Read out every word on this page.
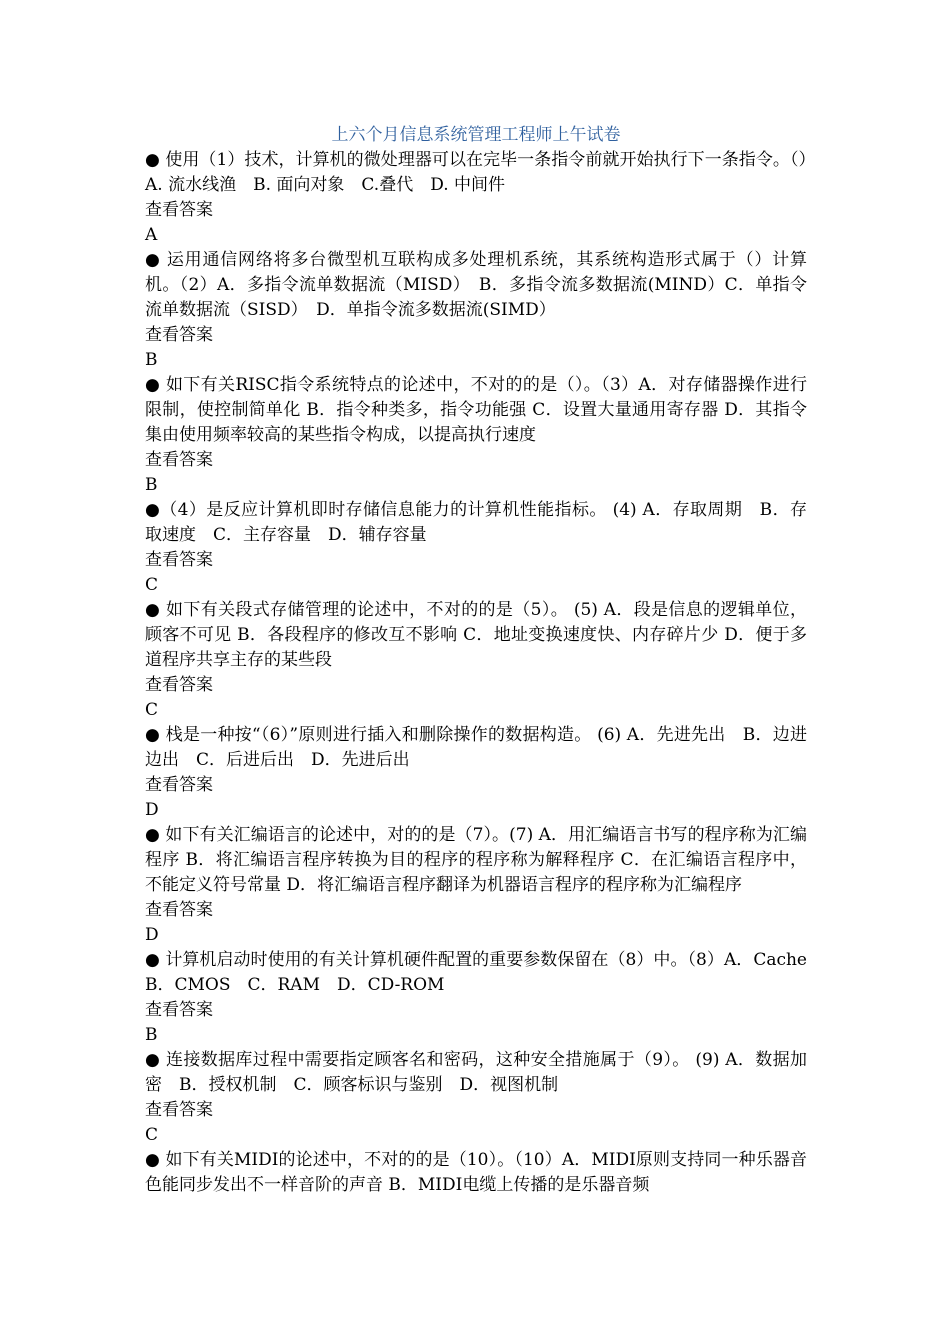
上六个月信息系统管理工程师上午试卷

● 使用（1）技术，计算机的微处理器可以在完毕一条指令前就开始执行下一条指令。（）A. 流水线渔　B. 面向对象　C.叠代　D. 中间件

查看答案

A

● 运用通信网络将多台微型机互联构成多处理机系统，其系统构造形式属于（）计算机。（2）A．多指令流单数据流（MISD）　B．多指令流多数据流(MIND）C．单指令流单数据流（SISD）　D．单指令流多数据流(SIMD）

查看答案

B

● 如下有关RISC指令系统特点的论述中，不对的的是（）。（3）A．对存储器操作进行限制，使控制简单化 B．指令种类多，指令功能强 C．设置大量通用寄存器 D．其指令集由使用频率较高的某些指令构成，以提高执行速度

查看答案

B

●（4）是反应计算机即时存储信息能力的计算机性能指标。 (4) A．存取周期　B．存取速度　C．主存容量　D．辅存容量

查看答案

C

● 如下有关段式存储管理的论述中，不对的的是（5）。 (5) A．段是信息的逻辑单位，顾客不可见 B．各段程序的修改互不影响 C．地址变换速度快、内存碎片少 D．便于多道程序共享主存的某些段

查看答案

C

● 栈是一种按“（6）”原则进行插入和删除操作的数据构造。 (6) A．先进先出　B．边进边出　C．后进后出　D．先进后出

查看答案

D

● 如下有关汇编语言的论述中，对的的是（7）。(7) A．用汇编语言书写的程序称为汇编程序 B．将汇编语言程序转换为目的程序的程序称为解释程序 C．在汇编语言程序中，不能定义符号常量 D．将汇编语言程序翻译为机器语言程序的程序称为汇编程序

查看答案

D

● 计算机启动时使用的有关计算机硬件配置的重要参数保留在（8）中。（8）A．Cache　B．CMOS　C．RAM　D．CD-ROM

查看答案

B

● 连接数据库过程中需要指定顾客名和密码，这种安全措施属于（9）。 (9) A．数据加密　B．授权机制　C．顾客标识与鉴别　D．视图机制

查看答案

C

● 如下有关MIDI的论述中，不对的的是（10）。（10）A．MIDI原则支持同一种乐器音色能同步发出不一样音阶的声音 B．MIDI电缆上传播的是乐器音频
